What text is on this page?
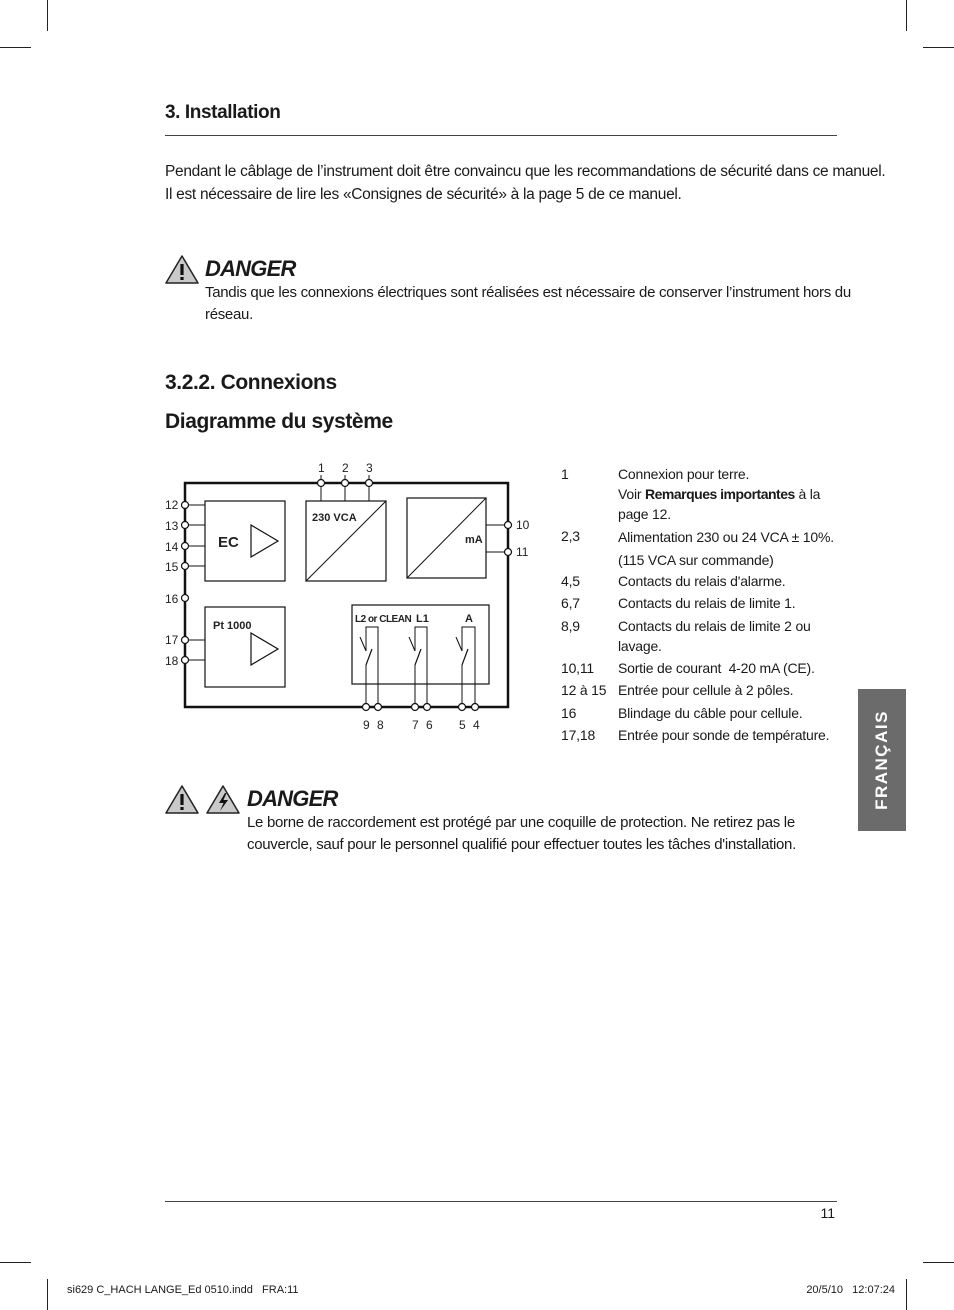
3. Installation
Pendant le câblage de l’instrument doit être convaincu que les recommandations de sécurité dans ce manuel.
Il est nécessaire de lire les «Consignes de sécurité» à la page 5 de ce manuel.
DANGER
Tandis que les connexions électriques sont réalisées est nécessaire de conserver l’instrument hors du
réseau.
3.2.2. Connexions
Diagramme du système
1 2 3
12
13
14
15
16
17
18
10
11
EC
230 VCA
mA
Pt 1000
L2 or CLEAN L1	A
9 8 7 6 5 4
1	Connexion pour terre.
Voir Remarques importantes à la
page 12.
2,3	Alimentation 230 ou 24 VCA ± 10%.
(115 VCA sur commande)
4,5	Contacts du relais d'alarme.
6,7	Contacts du relais de limite 1.
8,9	Contacts du relais de limite 2 ou
lavage.
10,11	Sortie de courant  4-20 mA (CE).
12 à 15 Entrée pour cellule à 2 pôles.
16	Blindage du câble pour cellule.
17,18	Entrée pour sonde de température.	FRANÇAIS
DANGER
Le borne de raccordement est protégé par une coquille de protection. Ne retirez pas le
couvercle, sauf pour le personnel qualifié pour effectuer toutes les tâches d'installation.
11
si629 C_HACH LANGE_Ed 0510.indd   FRA:11	20/5/10   12:07:24
